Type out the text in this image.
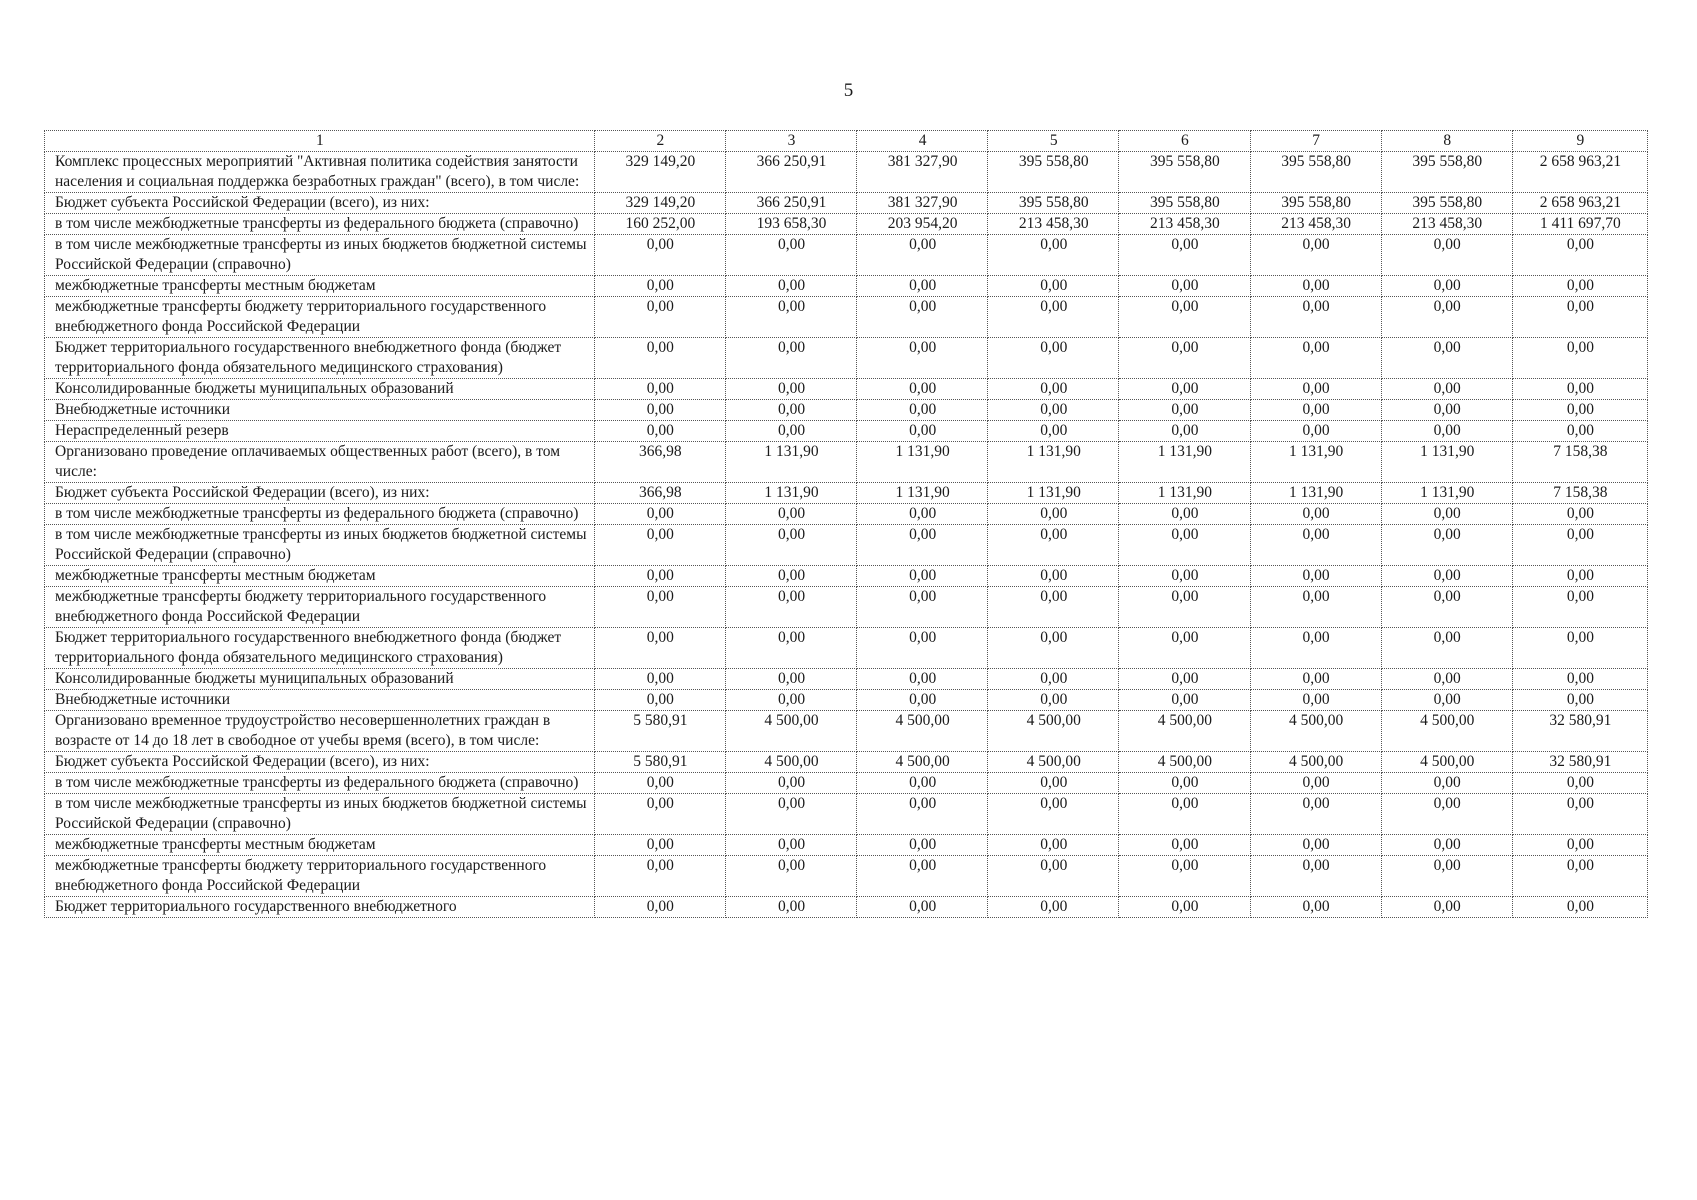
5
1	2	3	4	5	6	7	8	9
Комплекс процессных мероприятий "Активная политика содействия занятости населения и социальная поддержка безработных граждан" (всего), в том числе:	329 149,20	366 250,91	381 327,90	395 558,80	395 558,80	395 558,80	395 558,80	2 658 963,21
Бюджет субъекта Российской Федерации (всего), из них:	329 149,20	366 250,91	381 327,90	395 558,80	395 558,80	395 558,80	395 558,80	2 658 963,21
в том числе межбюджетные трансферты из федерального бюджета (справочно)	160 252,00	193 658,30	203 954,20	213 458,30	213 458,30	213 458,30	213 458,30	1 411 697,70
в том числе межбюджетные трансферты из иных бюджетов бюджетной системы Российской Федерации (справочно)	0,00	0,00	0,00	0,00	0,00	0,00	0,00	0,00
межбюджетные трансферты местным бюджетам	0,00	0,00	0,00	0,00	0,00	0,00	0,00	0,00
межбюджетные трансферты бюджету территориального государственного внебюджетного фонда Российской Федерации	0,00	0,00	0,00	0,00	0,00	0,00	0,00	0,00
Бюджет территориального государственного внебюджетного фонда (бюджет территориального фонда обязательного медицинского страхования)	0,00	0,00	0,00	0,00	0,00	0,00	0,00	0,00
Консолидированные бюджеты муниципальных образований	0,00	0,00	0,00	0,00	0,00	0,00	0,00	0,00
Внебюджетные источники	0,00	0,00	0,00	0,00	0,00	0,00	0,00	0,00
Нераспределенный резерв	0,00	0,00	0,00	0,00	0,00	0,00	0,00	0,00
Организовано проведение оплачиваемых общественных работ (всего), в том числе:	366,98	1 131,90	1 131,90	1 131,90	1 131,90	1 131,90	1 131,90	7 158,38
Бюджет субъекта Российской Федерации (всего), из них:	366,98	1 131,90	1 131,90	1 131,90	1 131,90	1 131,90	1 131,90	7 158,38
в том числе межбюджетные трансферты из федерального бюджета (справочно)	0,00	0,00	0,00	0,00	0,00	0,00	0,00	0,00
в том числе межбюджетные трансферты из иных бюджетов бюджетной системы Российской Федерации (справочно)	0,00	0,00	0,00	0,00	0,00	0,00	0,00	0,00
межбюджетные трансферты местным бюджетам	0,00	0,00	0,00	0,00	0,00	0,00	0,00	0,00
межбюджетные трансферты бюджету территориального государственного внебюджетного фонда Российской Федерации	0,00	0,00	0,00	0,00	0,00	0,00	0,00	0,00
Бюджет территориального государственного внебюджетного фонда (бюджет территориального фонда обязательного медицинского страхования)	0,00	0,00	0,00	0,00	0,00	0,00	0,00	0,00
Консолидированные бюджеты муниципальных образований	0,00	0,00	0,00	0,00	0,00	0,00	0,00	0,00
Внебюджетные источники	0,00	0,00	0,00	0,00	0,00	0,00	0,00	0,00
Организовано временное трудоустройство несовершеннолетних граждан в возрасте от 14 до 18 лет в свободное от учебы время (всего), в том числе:	5 580,91	4 500,00	4 500,00	4 500,00	4 500,00	4 500,00	4 500,00	32 580,91
Бюджет субъекта Российской Федерации (всего), из них:	5 580,91	4 500,00	4 500,00	4 500,00	4 500,00	4 500,00	4 500,00	32 580,91
в том числе межбюджетные трансферты из федерального бюджета (справочно)	0,00	0,00	0,00	0,00	0,00	0,00	0,00	0,00
в том числе межбюджетные трансферты из иных бюджетов бюджетной системы Российской Федерации (справочно)	0,00	0,00	0,00	0,00	0,00	0,00	0,00	0,00
межбюджетные трансферты местным бюджетам	0,00	0,00	0,00	0,00	0,00	0,00	0,00	0,00
межбюджетные трансферты бюджету территориального государственного внебюджетного фонда Российской Федерации	0,00	0,00	0,00	0,00	0,00	0,00	0,00	0,00
Бюджет территориального государственного внебюджетного	0,00	0,00	0,00	0,00	0,00	0,00	0,00	0,00
